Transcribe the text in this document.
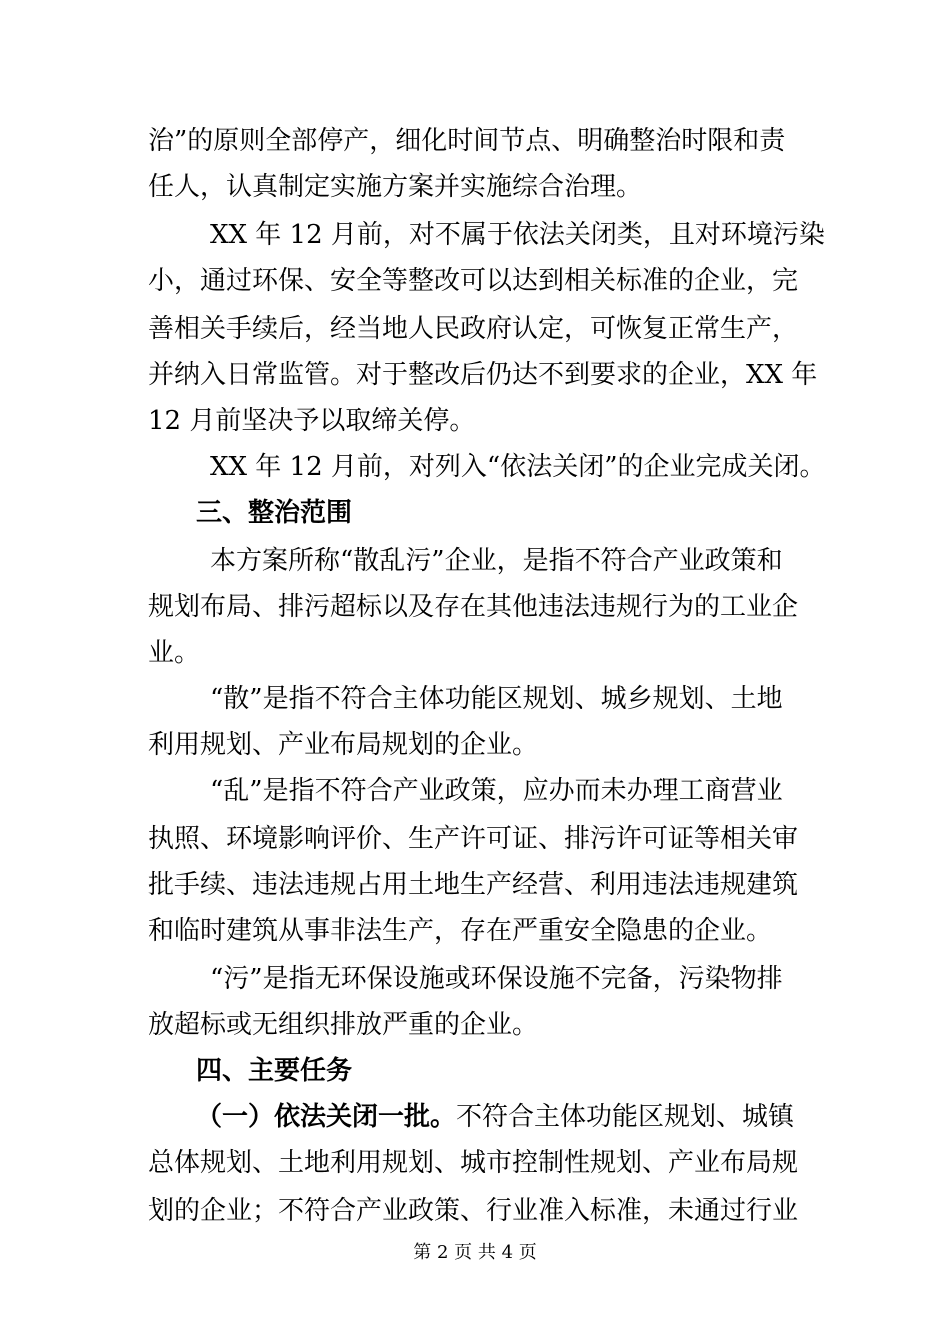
治”的原则全部停产，细化时间节点、明确整治时限和责
任人，认真制定实施方案并实施综合治理。
XX 年 12 月前，对不属于依法关闭类，且对环境污染
小，通过环保、安全等整改可以达到相关标准的企业，完
善相关手续后，经当地人民政府认定，可恢复正常生产，
并纳入日常监管。对于整改后仍达不到要求的企业，XX 年
12 月前坚决予以取缔关停。
XX 年 12 月前，对列入“依法关闭”的企业完成关闭。
三、整治范围
本方案所称“散乱污”企业，是指不符合产业政策和
规划布局、排污超标以及存在其他违法违规行为的工业企
业。
“散”是指不符合主体功能区规划、城乡规划、土地
利用规划、产业布局规划的企业。
“乱”是指不符合产业政策，应办而未办理工商营业
执照、环境影响评价、生产许可证、排污许可证等相关审
批手续、违法违规占用土地生产经营、利用违法违规建筑
和临时建筑从事非法生产，存在严重安全隐患的企业。
“污”是指无环保设施或环保设施不完备，污染物排
放超标或无组织排放严重的企业。
四、主要任务
（一）依法关闭一批。不符合主体功能区规划、城镇
总体规划、土地利用规划、城市控制性规划、产业布局规
划的企业；不符合产业政策、行业准入标准，未通过行业
第 2 页 共 4 页
